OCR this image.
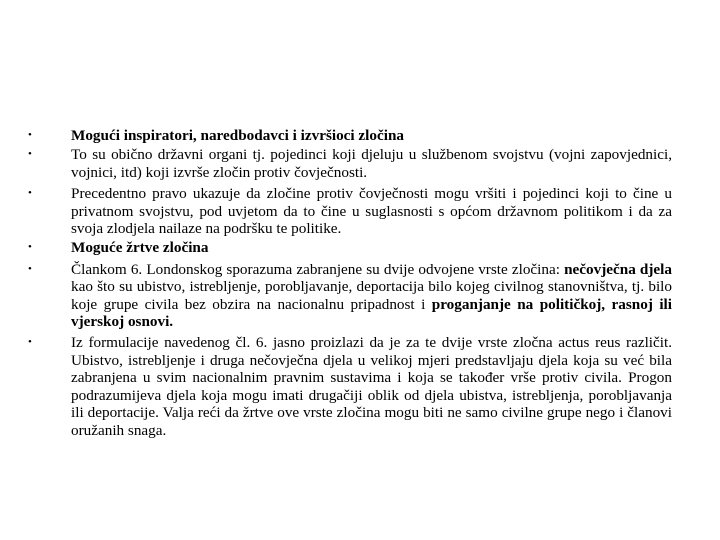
•	Mogući inspiratori, naredbodavci i izvršioci zločina
•	To su obično državni organi tj. pojedinci koji djeluju u službenom svojstvu (vojni zapovjednici, vojnici, itd) koji izvrše zločin protiv čovječnosti.
•	Precedentno pravo ukazuje da zločine protiv čovječnosti mogu vršiti i pojedinci koji to čine u privatnom svojstvu, pod uvjetom da to čine u suglasnosti s općom državnom politikom i da za svoja zlodjela nailaze na podršku te politike.
•	Moguće žrtve zločina
•	Člankom 6. Londonskog sporazuma zabranjene su dvije odvojene vrste zločina: nečovječna djela kao što su ubistvo, istrebljenje, porobljavanje, deportacija bilo kojeg civilnog stanovništva, tj. bilo koje grupe civila bez obzira na nacionalnu pripadnost i proganjanje na političkoj, rasnoj ili vjerskoj osnovi.
•	Iz formulacije navedenog čl. 6. jasno proizlazi da je za te dvije vrste zločna actus reus različit. Ubistvo, istrebljenje i druga nečovječna djela u velikoj mjeri predstavljaju djela koja su već bila zabranjena u svim nacionalnim pravnim sustavima i koja se također vrše protiv civila. Progon podrazumijeva djela koja mogu imati drugačiji oblik od djela ubistva, istrebljenja, porobljavanja ili deportacije. Valja reći da žrtve ove vrste zločina mogu biti ne samo civilne grupe nego i članovi oružanih snaga.
